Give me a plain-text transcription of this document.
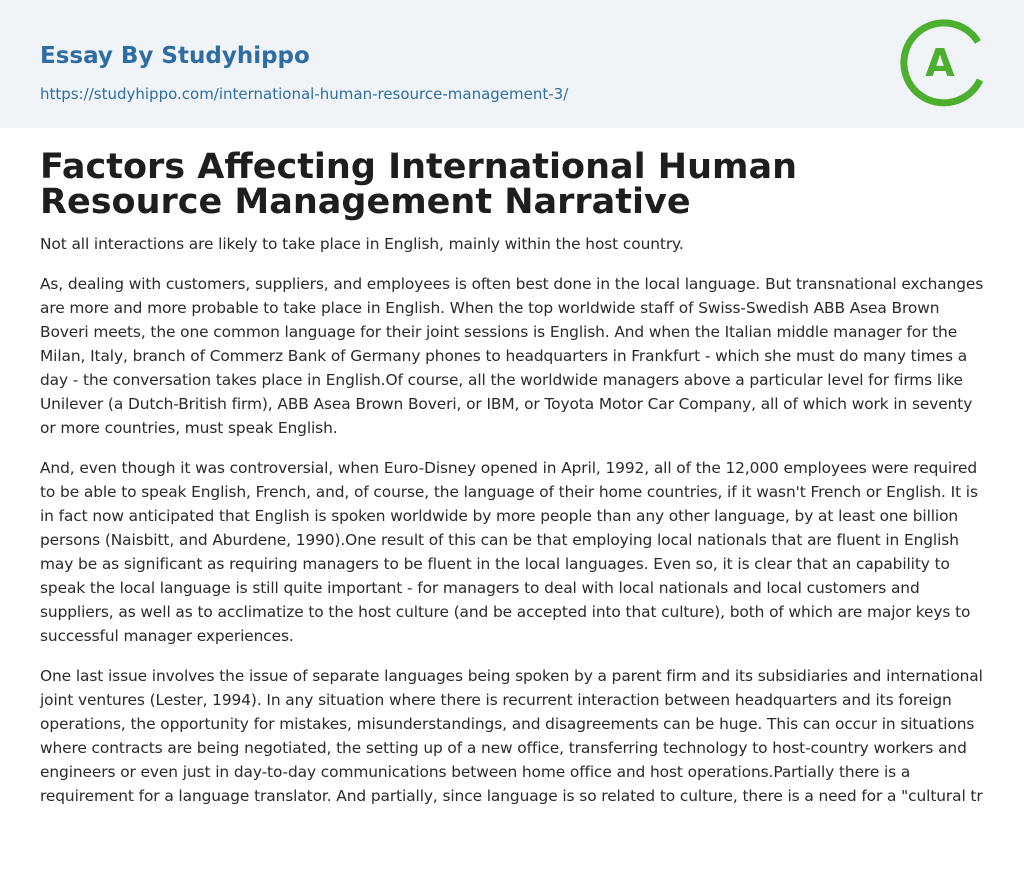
Essay By Studyhippo
https://studyhippo.com/international-human-resource-management-3/
A
Factors Affecting International Human Resource Management Narrative

Not all interactions are likely to take place in English, mainly within the host country.

As, dealing with customers, suppliers, and employees is often best done in the local language. But transnational exchanges are more and more probable to take place in English. When the top worldwide staff of Swiss-Swedish ABB Asea Brown Boveri meets, the one common language for their joint sessions is English. And when the Italian middle manager for the Milan, Italy, branch of Commerz Bank of Germany phones to headquarters in Frankfurt - which she must do many times a day - the conversation takes place in English.Of course, all the worldwide managers above a particular level for firms like Unilever (a Dutch-British firm), ABB Asea Brown Boveri, or IBM, or Toyota Motor Car Company, all of which work in seventy or more countries, must speak English.

And, even though it was controversial, when Euro-Disney opened in April, 1992, all of the 12,000 employees were required to be able to speak English, French, and, of course, the language of their home countries, if it wasn't French or English. It is in fact now anticipated that English is spoken worldwide by more people than any other language, by at least one billion persons (Naisbitt, and Aburdene, 1990).One result of this can be that employing local nationals that are fluent in English may be as significant as requiring managers to be fluent in the local languages. Even so, it is clear that an capability to speak the local language is still quite important - for managers to deal with local nationals and local customers and suppliers, as well as to acclimatize to the host culture (and be accepted into that culture), both of which are major keys to successful manager experiences.

One last issue involves the issue of separate languages being spoken by a parent firm and its subsidiaries and international joint ventures (Lester, 1994). In any situation where there is recurrent interaction between headquarters and its foreign operations, the opportunity for mistakes, misunderstandings, and disagreements can be huge. This can occur in situations where contracts are being negotiated, the setting up of a new office, transferring technology to host-country workers and engineers or even just in day-to-day communications between home office and host operations.Partially there is a requirement for a language translator. And partially, since language is so related to culture, there is a need for a "cultural tr
